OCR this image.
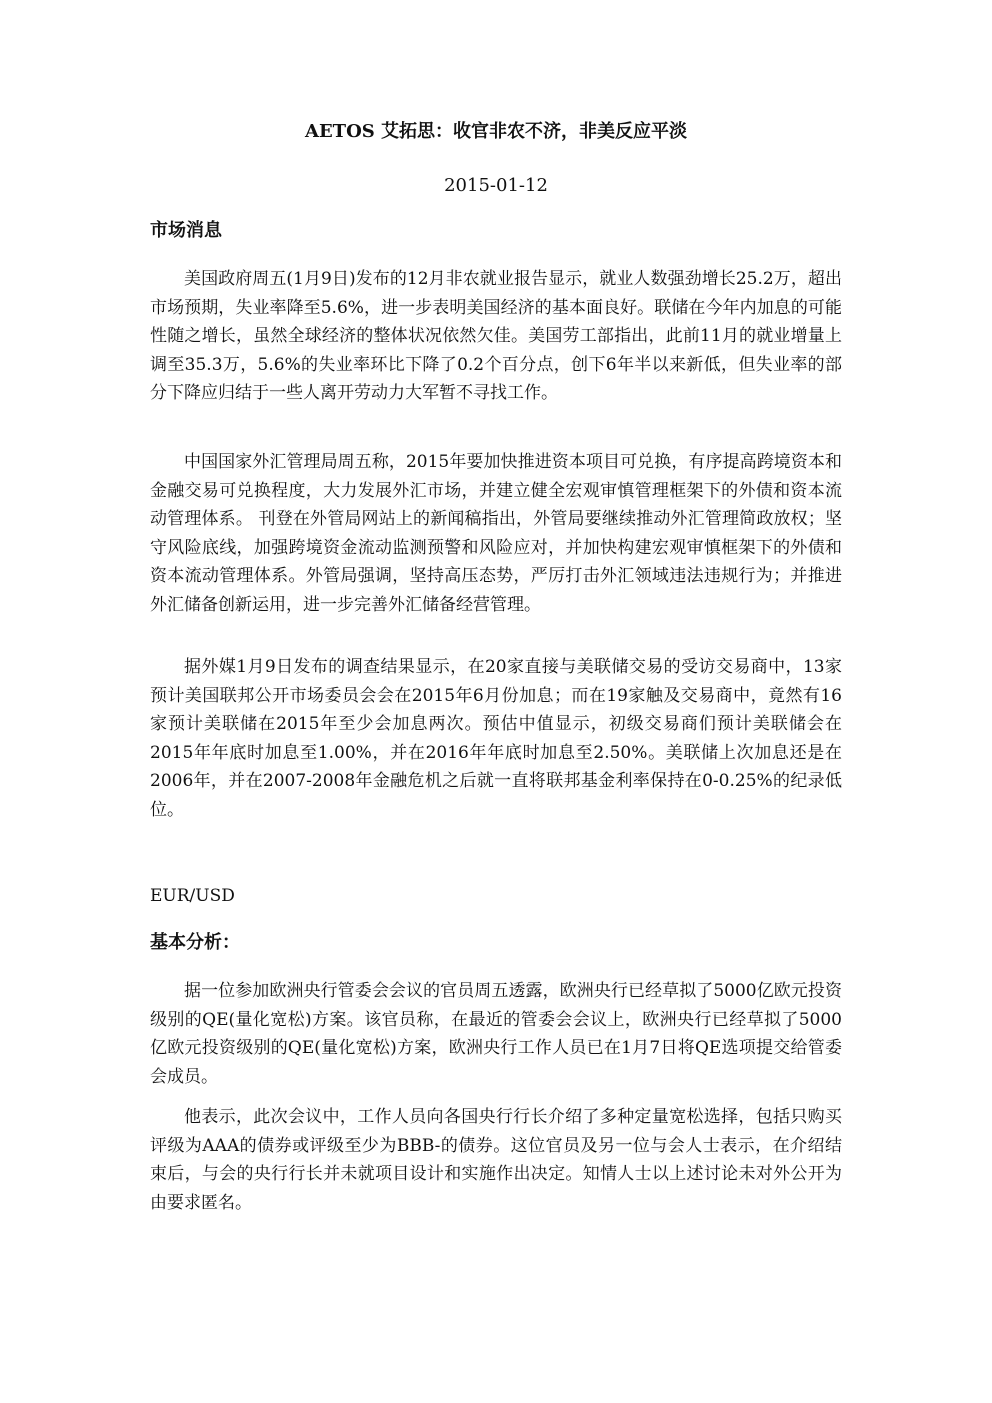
AETOS 艾拓思：收官非农不济，非美反应平淡
2015-01-12
市场消息

美国政府周五(1月9日)发布的12月非农就业报告显示，就业人数强劲增长25.2万，超出市场预期，失业率降至5.6%，进一步表明美国经济的基本面良好。联储在今年内加息的可能性随之增长，虽然全球经济的整体状况依然欠佳。美国劳工部指出，此前11月的就业增量上调至35.3万，5.6%的失业率环比下降了0.2个百分点，创下6年半以来新低，但失业率的部分下降应归结于一些人离开劳动力大军暂不寻找工作。

中国国家外汇管理局周五称，2015年要加快推进资本项目可兑换，有序提高跨境资本和金融交易可兑换程度，大力发展外汇市场，并建立健全宏观审慎管理框架下的外债和资本流动管理体系。 刊登在外管局网站上的新闻稿指出，外管局要继续推动外汇管理简政放权；坚守风险底线，加强跨境资金流动监测预警和风险应对，并加快构建宏观审慎框架下的外债和资本流动管理体系。外管局强调，坚持高压态势，严厉打击外汇领域违法违规行为；并推进外汇储备创新运用，进一步完善外汇储备经营管理。

据外媒1月9日发布的调查结果显示，在20家直接与美联储交易的受访交易商中，13家预计美国联邦公开市场委员会会在2015年6月份加息；而在19家触及交易商中，竟然有16家预计美联储在2015年至少会加息两次。预估中值显示，初级交易商们预计美联储会在2015年年底时加息至1.00%，并在2016年年底时加息至2.50%。美联储上次加息还是在2006年，并在2007-2008年金融危机之后就一直将联邦基金利率保持在0-0.25%的纪录低位。

EUR/USD
基本分析：

据一位参加欧洲央行管委会会议的官员周五透露，欧洲央行已经草拟了5000亿欧元投资级别的QE(量化宽松)方案。该官员称，在最近的管委会会议上，欧洲央行已经草拟了5000亿欧元投资级别的QE(量化宽松)方案，欧洲央行工作人员已在1月7日将QE选项提交给管委会成员。

他表示，此次会议中，工作人员向各国央行行长介绍了多种定量宽松选择，包括只购买评级为AAA的债券或评级至少为BBB-的债券。这位官员及另一位与会人士表示，在介绍结束后，与会的央行行长并未就项目设计和实施作出决定。知情人士以上述讨论未对外公开为由要求匿名。
